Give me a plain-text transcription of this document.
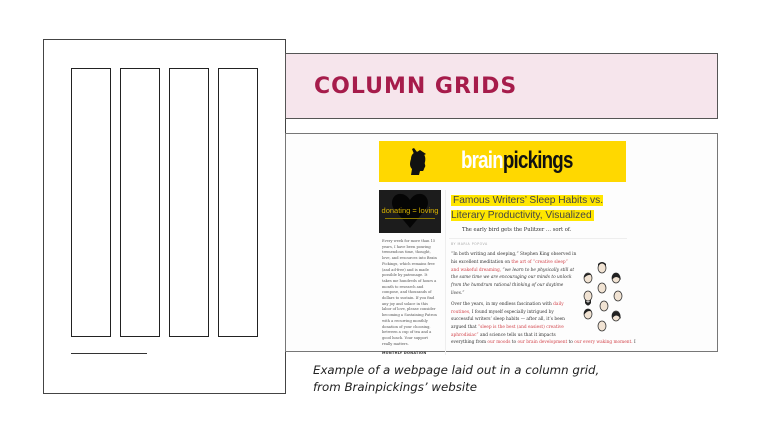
COLUMN GRIDS
brainpickings
donating = loving
Every week for more than 15 years, I have been pouring tremendous time, thought, love, and resources into Brain Pickings, which remains free (and ad-free) and is made possible by patronage. It takes me hundreds of hours a month to research and compose, and thousands of dollars to sustain. If you find any joy and solace in this labor of love, please consider becoming a Sustaining Patron with a recurring monthly donation of your choosing, between a cup of tea and a good lunch. Your support really matters.
MONTHLY DONATION
Famous Writers’ Sleep Habits vs. Literary Productivity, Visualized
The early bird gets the Pulitzer … sort of.
BY MARIA POPOVA

“In both writing and sleeping,” Stephen King observed in his excellent meditation on the art of “creative sleep” and wakeful dreaming, “we learn to be physically still at the same time we are encouraging our minds to unlock from the humdrum rational thinking of our daytime lives.”

Over the years, in my endless fascination with daily routines, I found myself especially intrigued by successful writers’ sleep habits — after all, it’s been argued that “sleep is the best (and easiest) creative aphrodisiac” and science tells us that it impacts

everything from our moods to our brain development to our every waking moment. I
Example of a webpage laid out in a column grid,
from Brainpickings’ website
